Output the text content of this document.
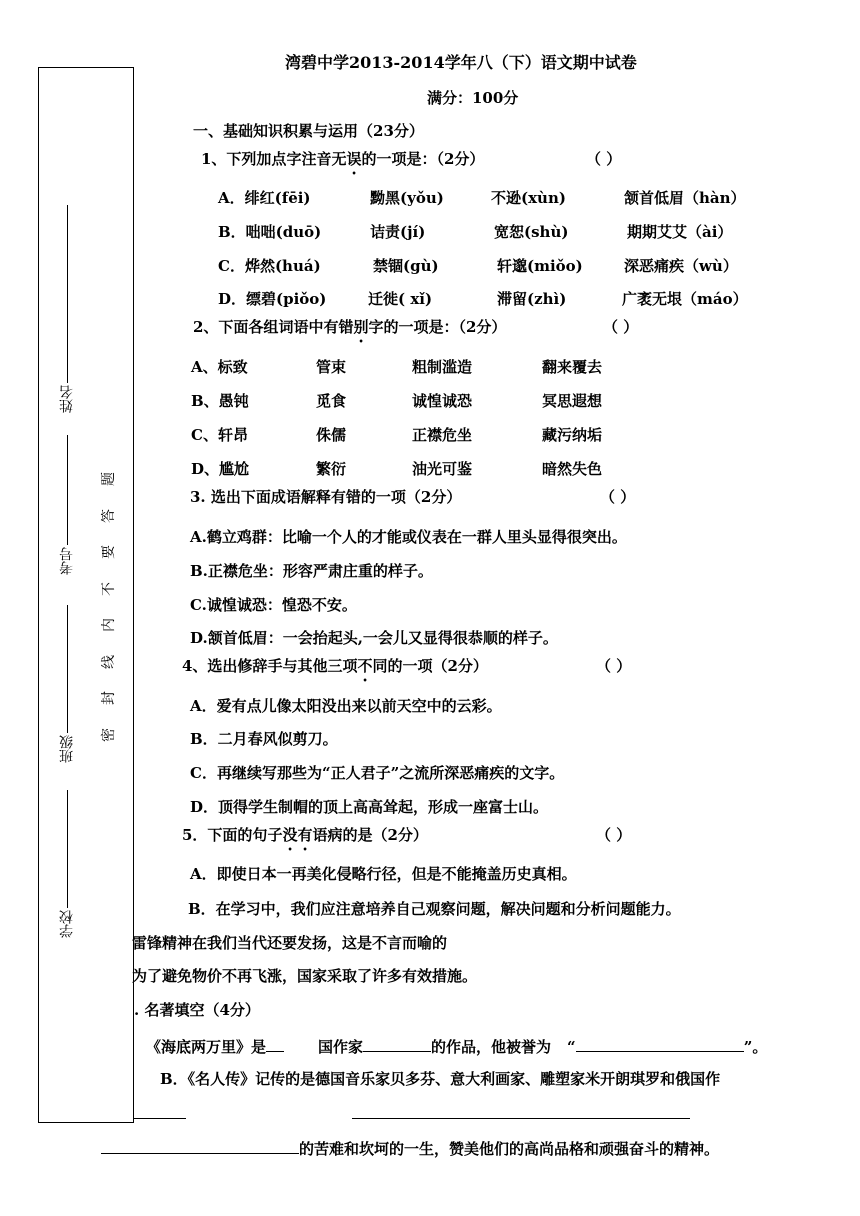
姓名
考号
班级
学校
题
答
要
不
内
线
封
密
湾碧中学2013-2014学年八（下）语文期中试卷
满分：100分
一、基础知识积累与运用（23分）
1、下列加点字注音无误的一项是：（2分）	（ ）
A．绯红(fēi)	黝黑(yǒu)	不逊(xùn)	颔首低眉（hàn）
B．咄咄(duō)	诘责(jí)	宽恕(shù)	期期艾艾（ài）
C．烨然(huá)	禁锢(gù)	轩邈(miǒo)	深恶痛疾（wù）
D．缥碧(piǒo)	迁徙( xǐ)	滞留(zhì)	广袤无垠（máo）
2、下面各组词语中有错别字的一项是：（2分）	（ ）
A、标致	管束	粗制滥造	翻来覆去
B、愚钝	觅食	诚惶诚恐	冥思遐想
C、轩昂	侏儒	正襟危坐	藏污纳垢
D、尴尬	繁衍	油光可鉴	暗然失色
3. 选出下面成语解释有错的一项（2分）	（ ）
A.鹤立鸡群：比喻一个人的才能或仪表在一群人里头显得很突出。
B.正襟危坐：形容严肃庄重的样子。
C.诚惶诚恐：惶恐不安。
D.颔首低眉：一会抬起头,一会儿又显得很恭顺的样子。
4、选出修辞手与其他三项不同的一项（2分）	（ ）
A．爱有点儿像太阳没出来以前天空中的云彩。
B．二月春风似剪刀。
C．再继续写那些为“正人君子”之流所深恶痛疾的文字。
D．顶得学生制帽的顶上高高耸起，形成一座富士山。
5．下面的句子没有语病的是（2分）	（ ）
A．即使日本一再美化侵略行径，但是不能掩盖历史真相。
B．在学习中，我们应注意培养自己观察问题，解决问题和分析问题能力。
雷锋精神在我们当代还要发扬，这是不言而喻的
为了避免物价不再飞涨，国家采取了许多有效措施。
. 名著填空（4分）
《海底两万里》是	国作家	的作品，他被誉为 “	”。
B．《名人传》记传的是德国音乐家贝多芬、意大利画家、雕塑家米开朗琪罗和俄国作
的苦难和坎坷的一生，赞美他们的高尚品格和顽强奋斗的精神。
